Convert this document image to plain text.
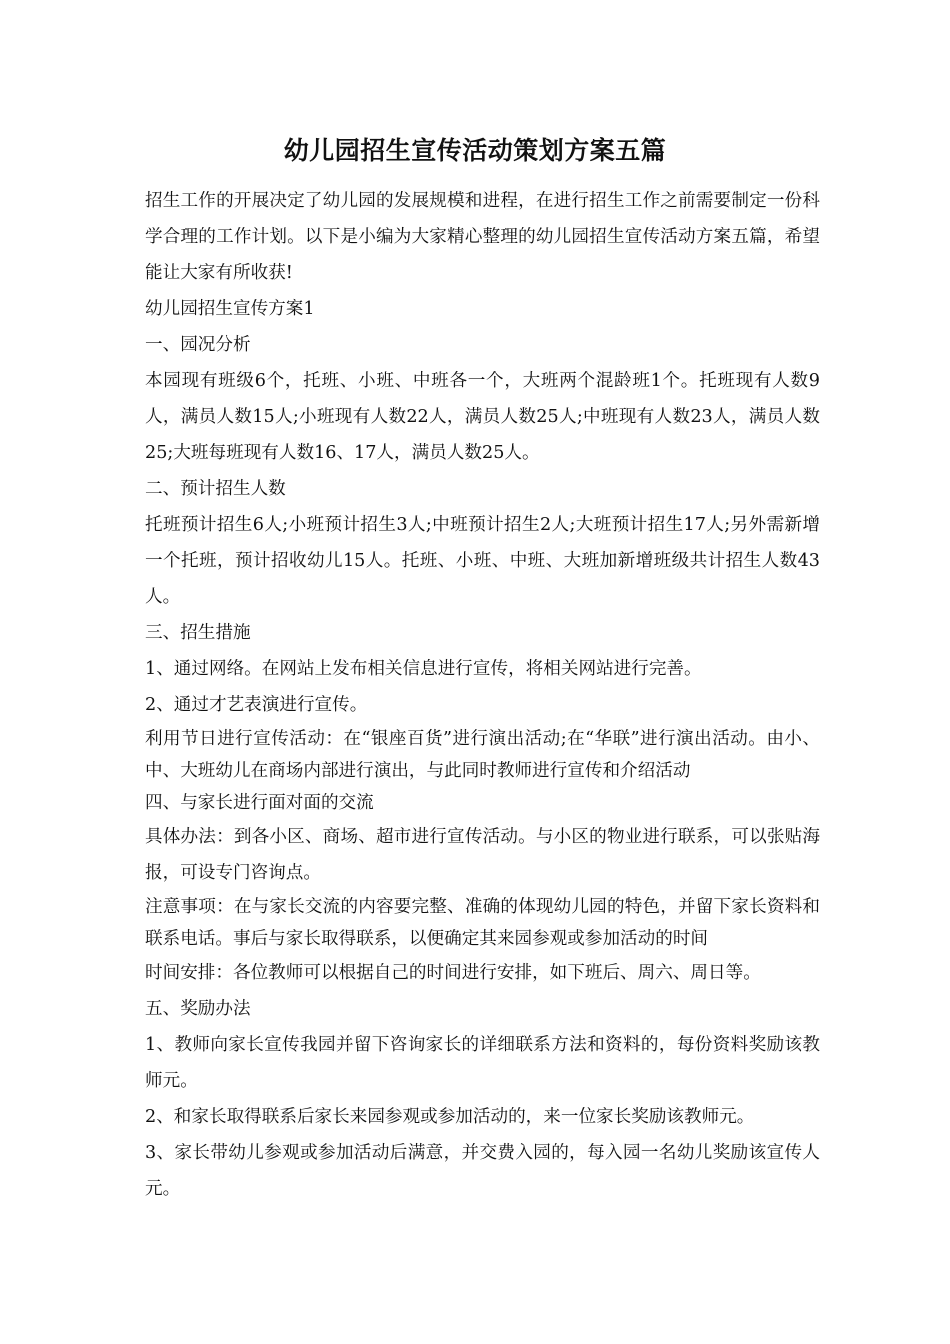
幼儿园招生宣传活动策划方案五篇

招生工作的开展决定了幼儿园的发展规模和进程，在进行招生工作之前需要制定一份科学合理的工作计划。以下是小编为大家精心整理的幼儿园招生宣传活动方案五篇，希望能让大家有所收获!

幼儿园招生宣传方案1

一、园况分析

本园现有班级6个，托班、小班、中班各一个，大班两个混龄班1个。托班现有人数9人，满员人数15人;小班现有人数22人，满员人数25人;中班现有人数23人，满员人数25;大班每班现有人数16、17人，满员人数25人。

二、预计招生人数

托班预计招生6人;小班预计招生3人;中班预计招生2人;大班预计招生17人;另外需新增一个托班，预计招收幼儿15人。托班、小班、中班、大班加新增班级共计招生人数43人。

三、招生措施

1、通过网络。在网站上发布相关信息进行宣传，将相关网站进行完善。

2、通过才艺表演进行宣传。

利用节日进行宣传活动：在“银座百货”进行演出活动;在“华联”进行演出活动。由小、中、大班幼儿在商场内部进行演出，与此同时教师进行宣传和介绍活动

四、与家长进行面对面的交流

具体办法：到各小区、商场、超市进行宣传活动。与小区的物业进行联系，可以张贴海报，可设专门咨询点。

注意事项：在与家长交流的内容要完整、准确的体现幼儿园的特色，并留下家长资料和联系电话。事后与家长取得联系，以便确定其来园参观或参加活动的时间

时间安排：各位教师可以根据自己的时间进行安排，如下班后、周六、周日等。

五、奖励办法

1、教师向家长宣传我园并留下咨询家长的详细联系方法和资料的，每份资料奖励该教师元。

2、和家长取得联系后家长来园参观或参加活动的，来一位家长奖励该教师元。

3、家长带幼儿参观或参加活动后满意，并交费入园的，每入园一名幼儿奖励该宣传人元。
